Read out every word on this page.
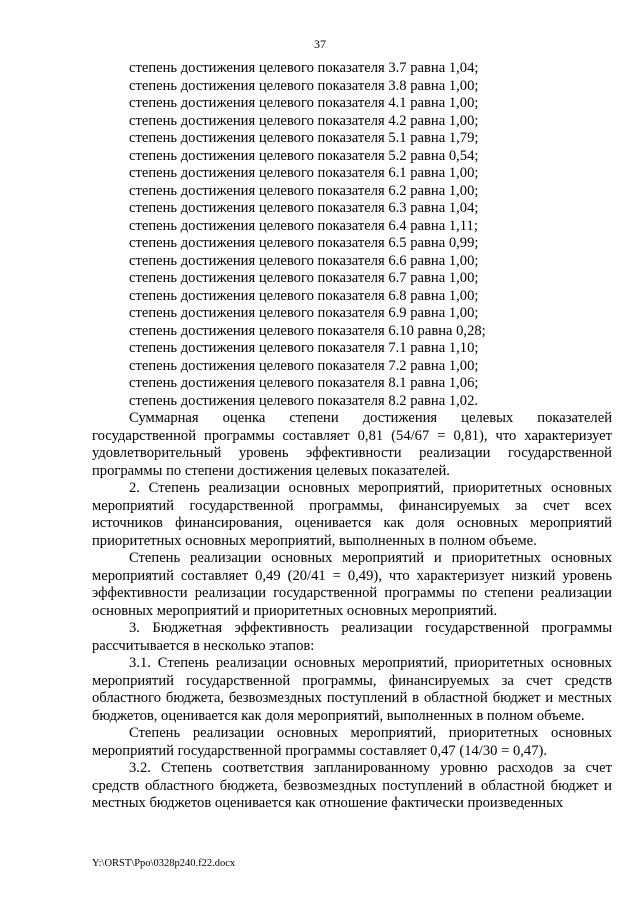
37
степень достижения целевого показателя 3.7 равна 1,04;
степень достижения целевого показателя 3.8 равна 1,00;
степень достижения целевого показателя 4.1 равна 1,00;
степень достижения целевого показателя 4.2 равна 1,00;
степень достижения целевого показателя 5.1 равна 1,79;
степень достижения целевого показателя 5.2 равна 0,54;
степень достижения целевого показателя 6.1 равна 1,00;
степень достижения целевого показателя 6.2 равна 1,00;
степень достижения целевого показателя 6.3 равна 1,04;
степень достижения целевого показателя 6.4 равна 1,11;
степень достижения целевого показателя 6.5 равна 0,99;
степень достижения целевого показателя 6.6 равна 1,00;
степень достижения целевого показателя 6.7 равна 1,00;
степень достижения целевого показателя 6.8 равна 1,00;
степень достижения целевого показателя 6.9 равна 1,00;
степень достижения целевого показателя 6.10 равна 0,28;
степень достижения целевого показателя 7.1 равна 1,10;
степень достижения целевого показателя 7.2 равна 1,00;
степень достижения целевого показателя 8.1 равна 1,06;
степень достижения целевого показателя 8.2 равна 1,02.

Суммарная оценка степени достижения целевых показателей государственной программы составляет 0,81 (54/67 = 0,81), что характеризует удовлетворительный уровень эффективности реализации государственной программы по степени достижения целевых показателей.

2. Степень реализации основных мероприятий, приоритетных основных мероприятий государственной программы, финансируемых за счет всех источников финансирования, оценивается как доля основных мероприятий приоритетных основных мероприятий, выполненных в полном объеме.

Степень реализации основных мероприятий и приоритетных основных мероприятий составляет 0,49 (20/41 = 0,49), что характеризует низкий уровень эффективности реализации государственной программы по степени реализации основных мероприятий и приоритетных основных мероприятий.

3. Бюджетная эффективность реализации государственной программы рассчитывается в несколько этапов:

3.1. Степень реализации основных мероприятий, приоритетных основных мероприятий государственной программы, финансируемых за счет средств областного бюджета, безвозмездных поступлений в областной бюджет и местных бюджетов, оценивается как доля мероприятий, выполненных в полном объеме.

Степень реализации основных мероприятий, приоритетных основных мероприятий государственной программы составляет 0,47 (14/30 = 0,47).

3.2. Степень соответствия запланированному уровню расходов за счет средств областного бюджета, безвозмездных поступлений в областной бюджет и местных бюджетов оценивается как отношение фактически произведенных

Y:\ORST\Ppo\0328p240.f22.docx
